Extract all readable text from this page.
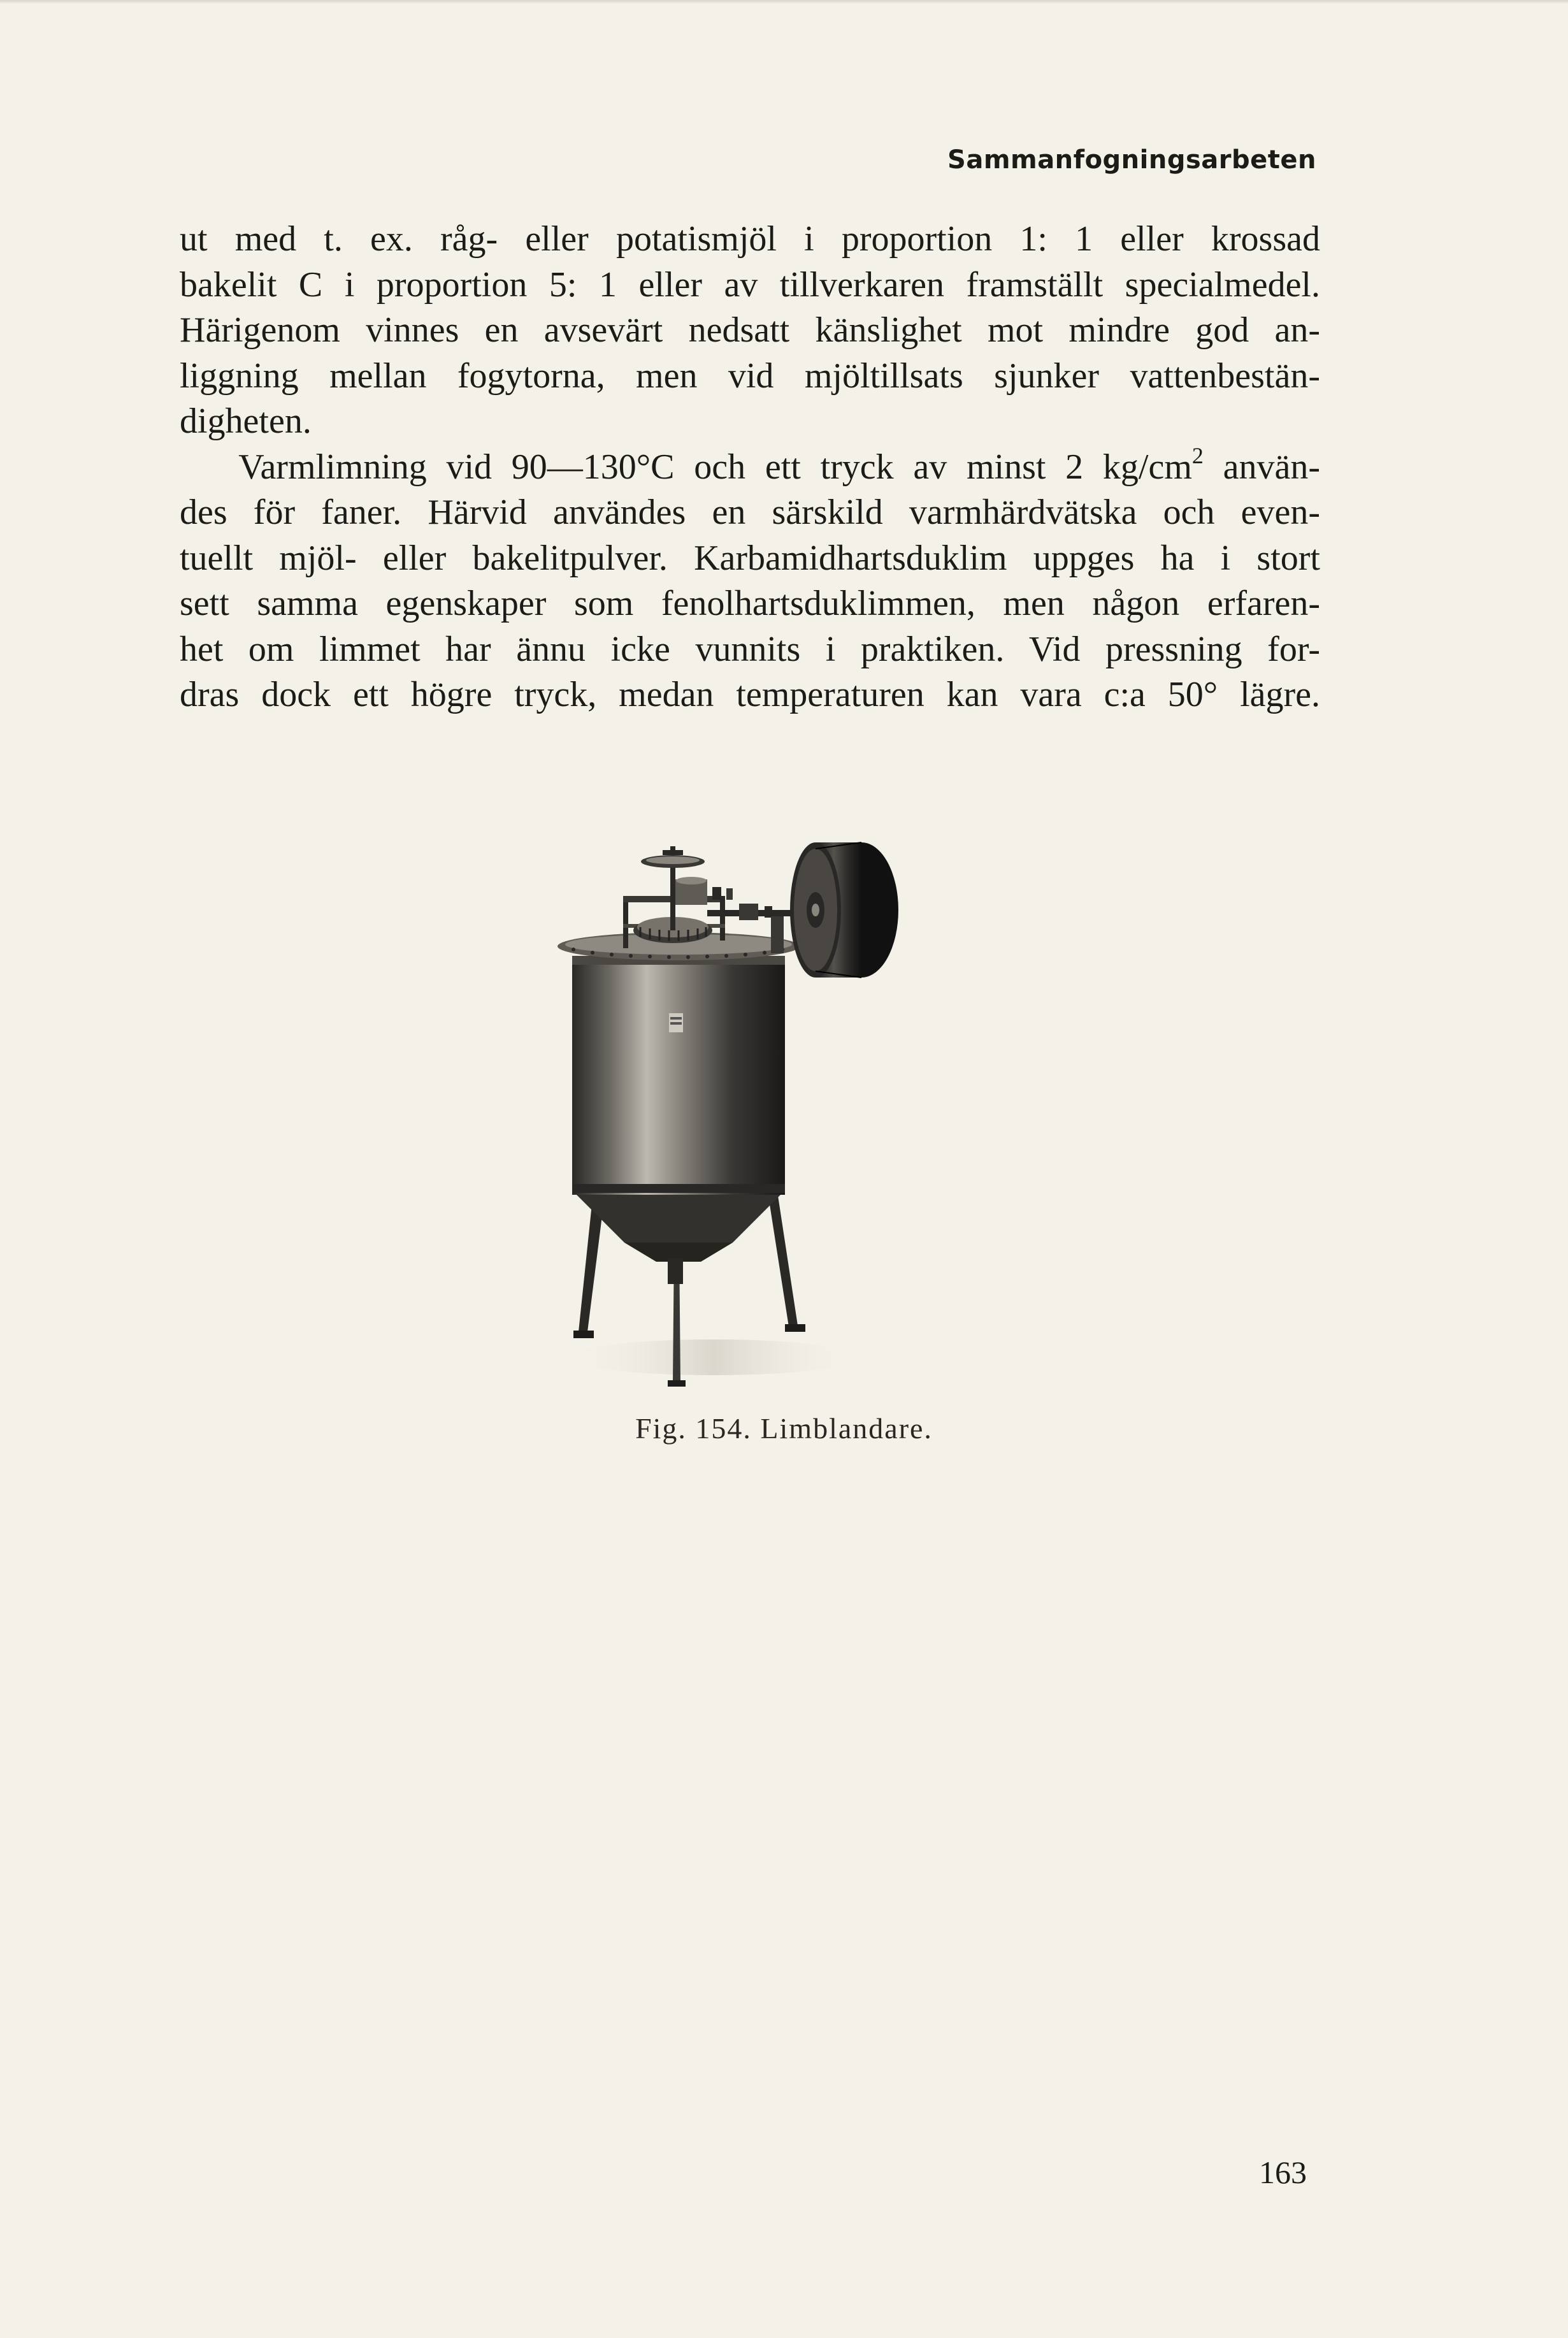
Sammanfogningsarbeten
ut med t. ex. råg- eller potatismjöl i proportion 1: 1 eller krossad
bakelit C i proportion 5: 1 eller av tillverkaren framställt specialmedel.
Härigenom vinnes en avsevärt nedsatt känslighet mot mindre god an-
liggning mellan fogytorna, men vid mjöltillsats sjunker vattenbestän-
digheten.
Varmlimning vid 90—130°C och ett tryck av minst 2 $kg/cm^2$ använ-
des för faner. Härvid användes en särskild varmhärdvätska och even-
tuellt mjöl- eller bakelitpulver. Karbamidhartsduklim uppges ha i stort
sett samma egenskaper som fenolhartsduklimmen, men någon erfaren-
het om limmet har ännu icke vunnits i praktiken. Vid pressning for-
dras dock ett högre tryck, medan temperaturen kan vara c:a 50° lägre.
Fig. 154. Limblandare.
163
